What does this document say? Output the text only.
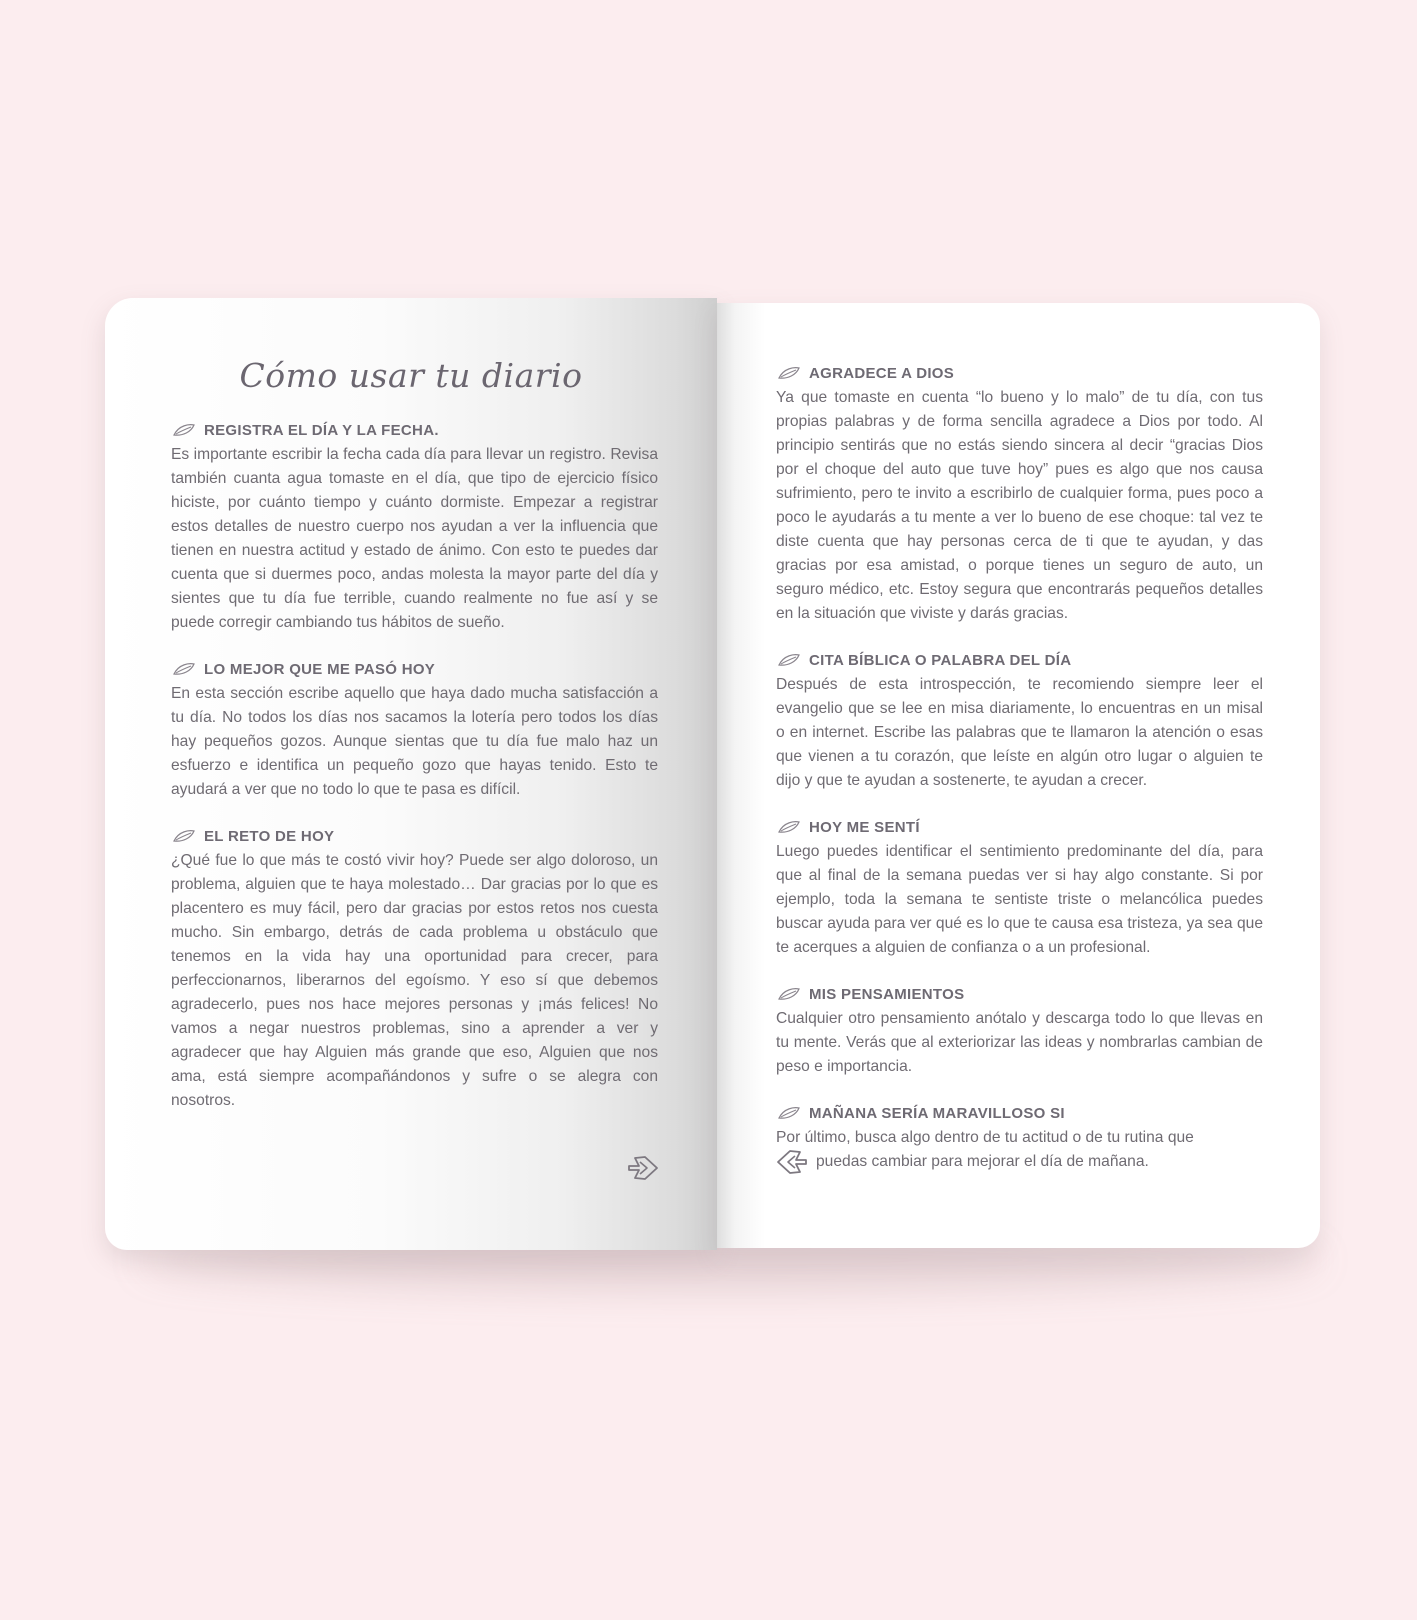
Cómo usar tu diario
REGISTRA EL DÍA Y LA FECHA.

Es importante escribir la fecha cada día para llevar un registro. Revisa también cuanta agua tomaste en el día, que tipo de ejercicio físico hiciste, por cuánto tiempo y cuánto dormiste. Empezar a registrar estos detalles de nuestro cuerpo nos ayudan a ver la influencia que tienen en nuestra actitud y estado de ánimo. Con esto te puedes dar cuenta que si duermes poco, andas molesta la mayor parte del día y sientes que tu día fue terrible, cuando realmente no fue así y se puede corregir cambiando tus hábitos de sueño.

LO MEJOR QUE ME PASÓ HOY

En esta sección escribe aquello que haya dado mucha satisfacción a tu día. No todos los días nos sacamos la lotería pero todos los días hay pequeños gozos. Aunque sientas que tu día fue malo haz un esfuerzo e identifica un pequeño gozo que hayas tenido. Esto te ayudará a ver que no todo lo que te pasa es difícil.

EL RETO DE HOY

¿Qué fue lo que más te costó vivir hoy? Puede ser algo doloroso, un problema, alguien que te haya molestado… Dar gracias por lo que es placentero es muy fácil, pero dar gracias por estos retos nos cuesta mucho. Sin embargo, detrás de cada problema u obstáculo que tenemos en la vida hay una oportunidad para crecer, para perfeccionarnos, liberarnos del egoísmo. Y eso sí que debemos agradecerlo, pues nos hace mejores personas y ¡más felices! No vamos a negar nuestros problemas, sino a aprender a ver y agradecer que hay Alguien más grande que eso, Alguien que nos ama, está siempre acompañándonos y sufre o se alegra con nosotros.

AGRADECE A DIOS

Ya que tomaste en cuenta “lo bueno y lo malo” de tu día, con tus propias palabras y de forma sencilla agradece a Dios por todo. Al principio sentirás que no estás siendo sincera al decir “gracias Dios por el choque del auto que tuve hoy” pues es algo que nos causa sufrimiento, pero te invito a escribirlo de cualquier forma, pues poco a poco le ayudarás a tu mente a ver lo bueno de ese choque: tal vez te diste cuenta que hay personas cerca de ti que te ayudan, y das gracias por esa amistad, o porque tienes un seguro de auto, un seguro médico, etc. Estoy segura que encontrarás pequeños detalles en la situación que viviste y darás gracias.

CITA BÍBLICA O PALABRA DEL DÍA

Después de esta introspección, te recomiendo siempre leer el evangelio que se lee en misa diariamente, lo encuentras en un misal o en internet. Escribe las palabras que te llamaron la atención o esas que vienen a tu corazón, que leíste en algún otro lugar o alguien te dijo y que te ayudan a sostenerte, te ayudan a crecer.

HOY ME SENTÍ

Luego puedes identificar el sentimiento predominante del día, para que al final de la semana puedas ver si hay algo constante. Si por ejemplo, toda la semana te sentiste triste o melancólica puedes buscar ayuda para ver qué es lo que te causa esa tristeza, ya sea que te acerques a alguien de confianza o a un profesional.

MIS PENSAMIENTOS

Cualquier otro pensamiento anótalo y descarga todo lo que llevas en tu mente. Verás que al exteriorizar las ideas y nombrarlas cambian de peso e importancia.

MAÑANA SERÍA MARAVILLOSO SI

Por último, busca algo dentro de tu actitud o de tu rutina que

puedas cambiar para mejorar el día de mañana.
